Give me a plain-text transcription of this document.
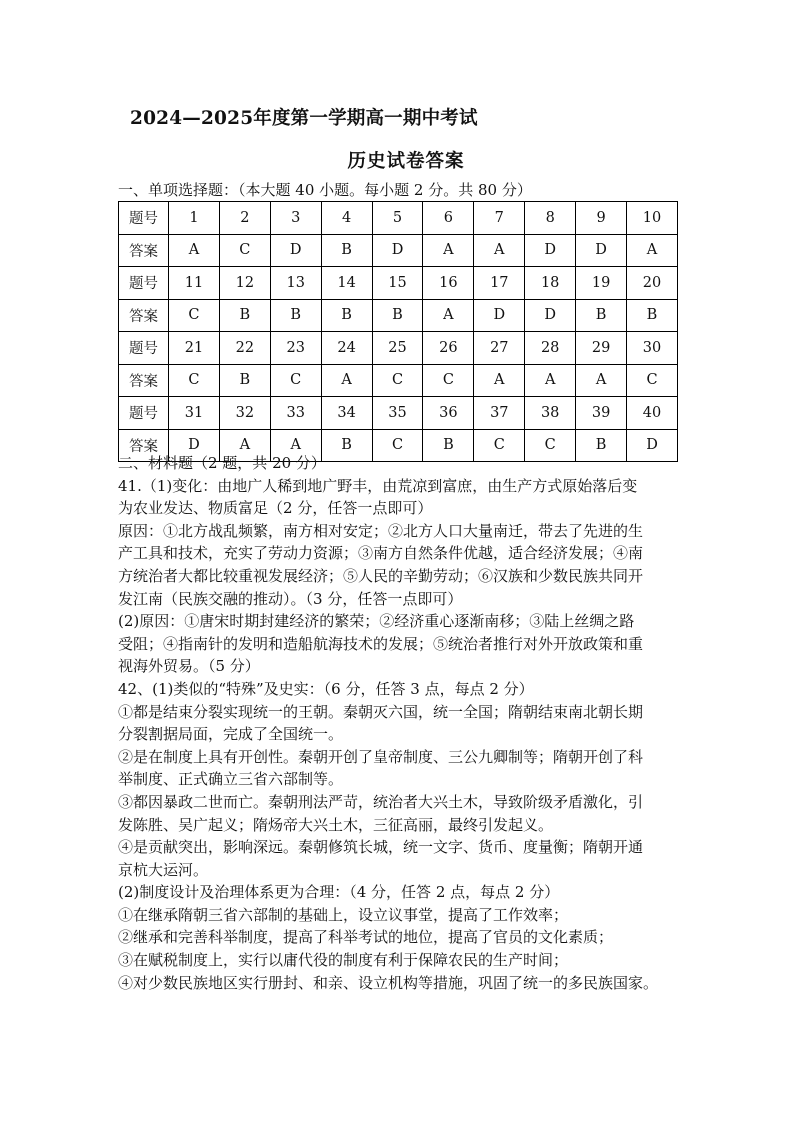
2024—2025年度第一学期高一期中考试
历史试卷答案
一、单项选择题：（本大题 40 小题。每小题 2 分。共 80 分）
题号	1	2	3	4	5	6	7	8	9	10
答案	A	C	D	B	D	A	A	D	D	A
题号	11	12	13	14	15	16	17	18	19	20
答案	C	B	B	B	B	A	D	D	B	B
题号	21	22	23	24	25	26	27	28	29	30
答案	C	B	C	A	C	C	A	A	A	C
题号	31	32	33	34	35	36	37	38	39	40
答案	D	A	A	B	C	B	C	C	B	D

二、材料题（2 题，共 20 分）

41.（1)变化：由地广人稀到地广野丰，由荒凉到富庶，由生产方式原始落后变

为农业发达、物质富足（2 分，任答一点即可）

原因：①北方战乱频繁，南方相对安定；②北方人口大量南迁，带去了先进的生

产工具和技术，充实了劳动力资源；③南方自然条件优越，适合经济发展；④南

方统治者大都比较重视发展经济；⑤人民的辛勤劳动；⑥汉族和少数民族共同开

发江南（民族交融的推动）。（3 分，任答一点即可）

(2)原因：①唐宋时期封建经济的繁荣；②经济重心逐渐南移；③陆上丝绸之路

受阻；④指南针的发明和造船航海技术的发展；⑤统治者推行对外开放政策和重

视海外贸易。（5 分）

42、(1)类似的“特殊”及史实：（6 分，任答 3 点，每点 2 分）

①都是结束分裂实现统一的王朝。秦朝灭六国，统一全国；隋朝结束南北朝长期

分裂割据局面，完成了全国统一。

②是在制度上具有开创性。秦朝开创了皇帝制度、三公九卿制等；隋朝开创了科

举制度、正式确立三省六部制等。

③都因暴政二世而亡。秦朝刑法严苛，统治者大兴土木，导致阶级矛盾激化，引

发陈胜、吴广起义；隋炀帝大兴土木，三征高丽，最终引发起义。

④是贡献突出，影响深远。秦朝修筑长城，统一文字、货币、度量衡；隋朝开通

京杭大运河。

(2)制度设计及治理体系更为合理：（4 分，任答 2 点，每点 2 分）

①在继承隋朝三省六部制的基础上，设立议事堂，提高了工作效率；

②继承和完善科举制度，提高了科举考试的地位，提高了官员的文化素质；

③在赋税制度上，实行以庸代役的制度有利于保障农民的生产时间；

④对少数民族地区实行册封、和亲、设立机构等措施，巩固了统一的多民族国家。
